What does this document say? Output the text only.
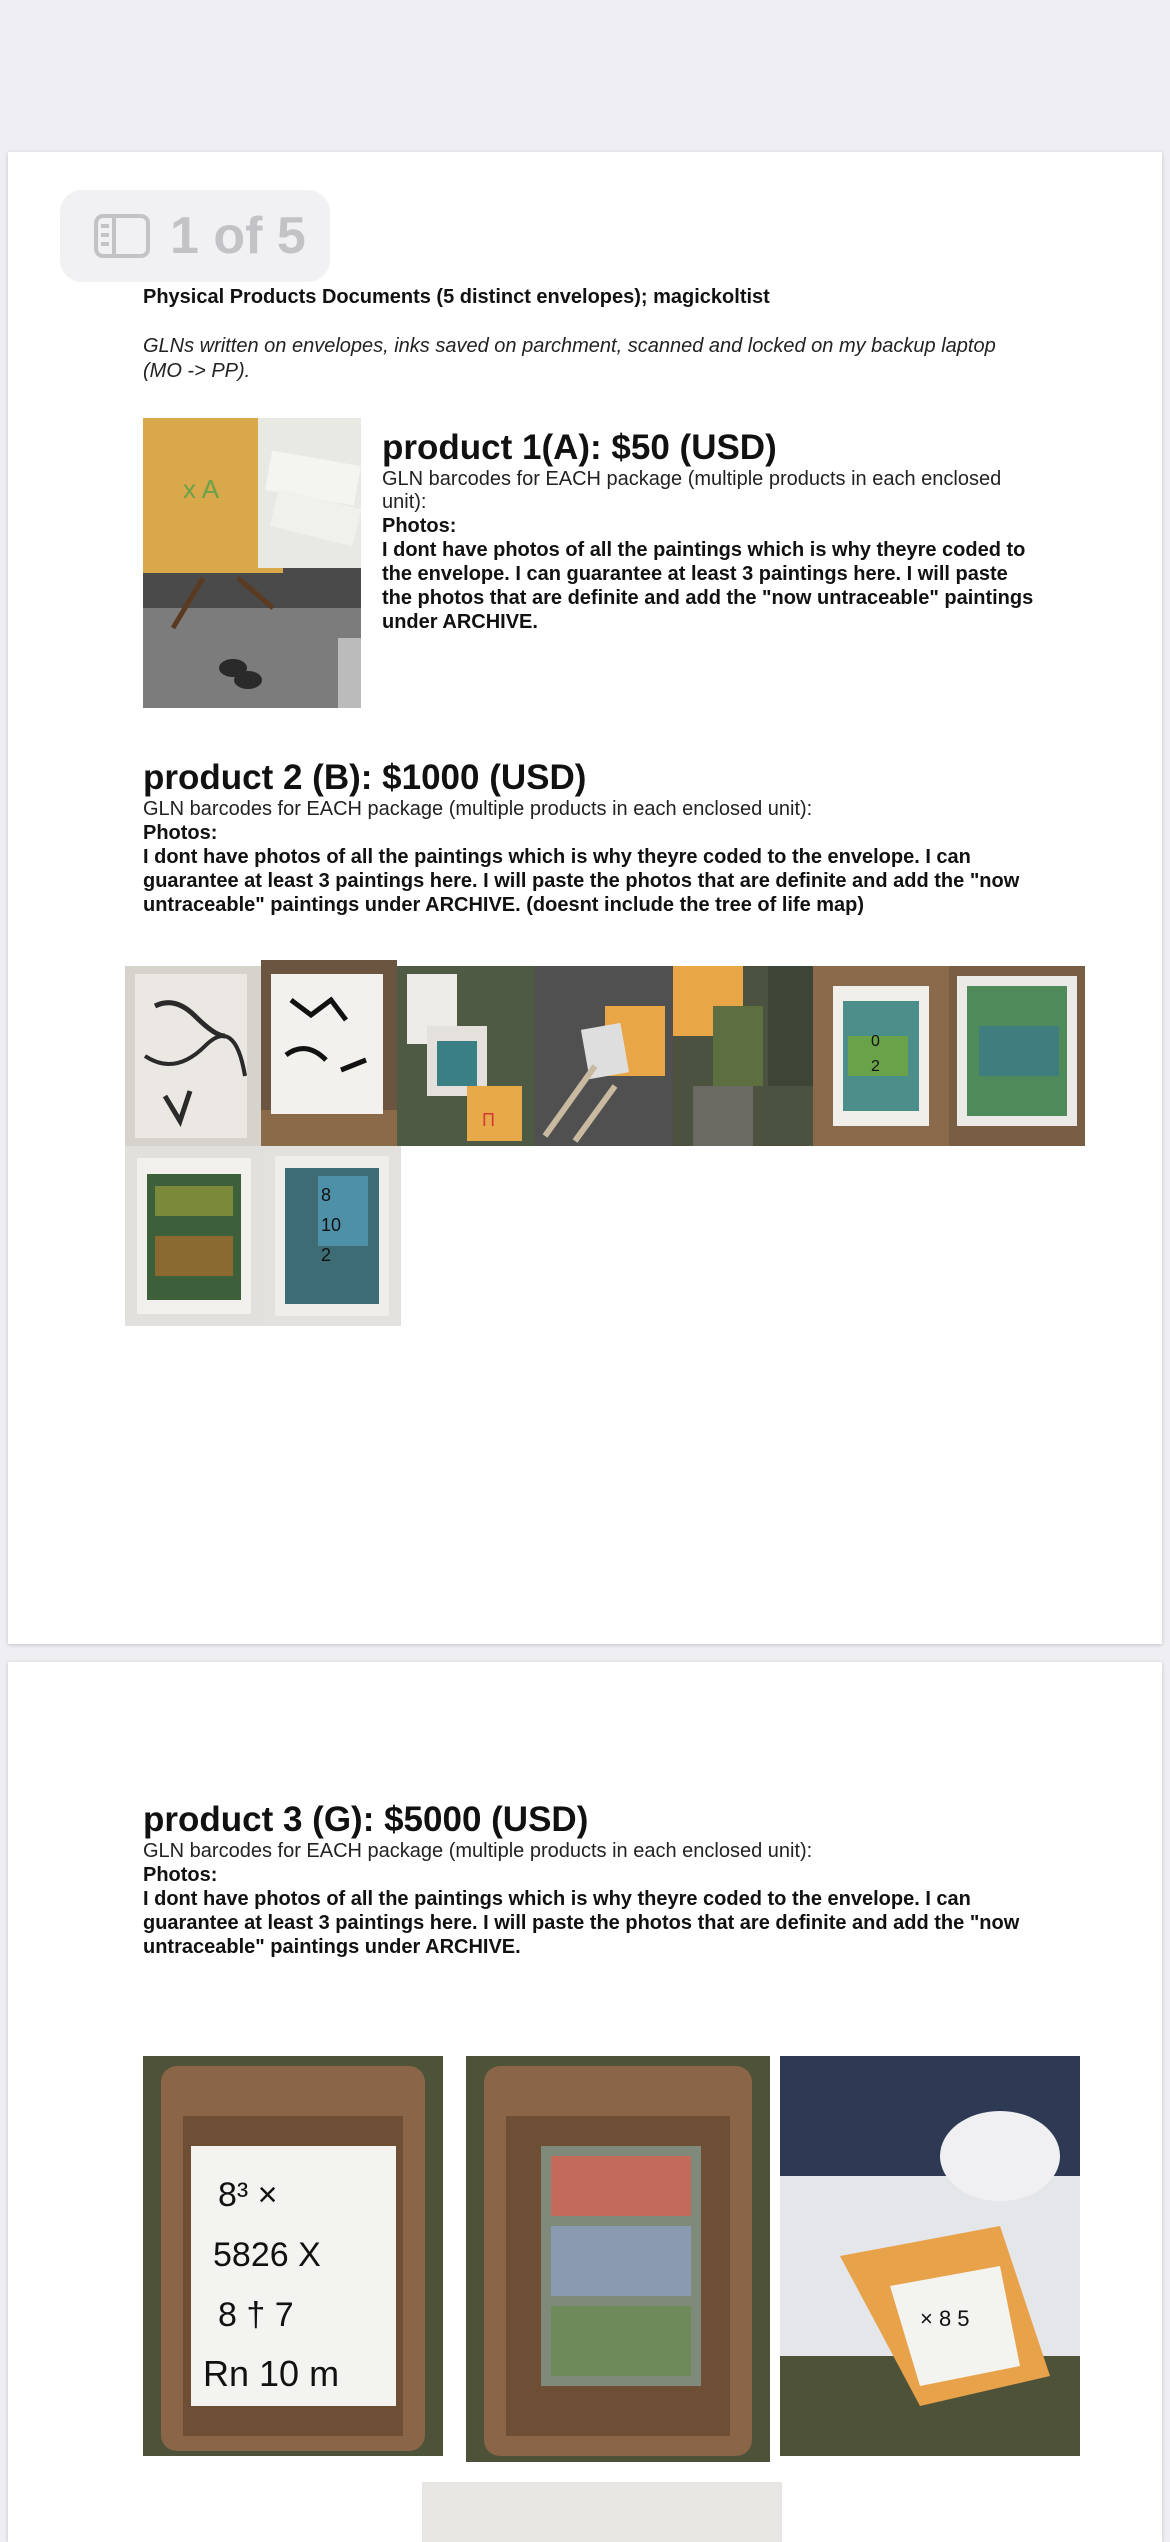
1 of 5
Physical Products Documents (5 distinct envelopes); magickoltist
GLNs written on envelopes, inks saved on parchment, scanned and locked on my backup laptop (MO -> PP).
x A
product 1(A): $50 (USD)
GLN barcodes for EACH package (multiple products in each enclosed unit):
Photos:
I dont have photos of all the paintings which is why theyre coded to the envelope. I can guarantee at least 3 paintings here. I will paste the photos that are definite and add the "now untraceable" paintings under ARCHIVE.
product 2 (B): $1000 (USD)
GLN barcodes for EACH package (multiple products in each enclosed unit):
Photos:
I dont have photos of all the paintings which is why theyre coded to the envelope. I can guarantee at least 3 paintings here. I will paste the photos that are definite and add the "now untraceable" paintings under ARCHIVE. (doesnt include the tree of life map)
Π
0
2
8
10
2
product 3 (G): $5000 (USD)
GLN barcodes for EACH package (multiple products in each enclosed unit):
Photos:
I dont have photos of all the paintings which is why theyre coded to the envelope. I can guarantee at least 3 paintings here. I will paste the photos that are definite and add the "now untraceable" paintings under ARCHIVE.
8³ ×
5826 X
8 † 7
Rn 10 m
× 8 5
